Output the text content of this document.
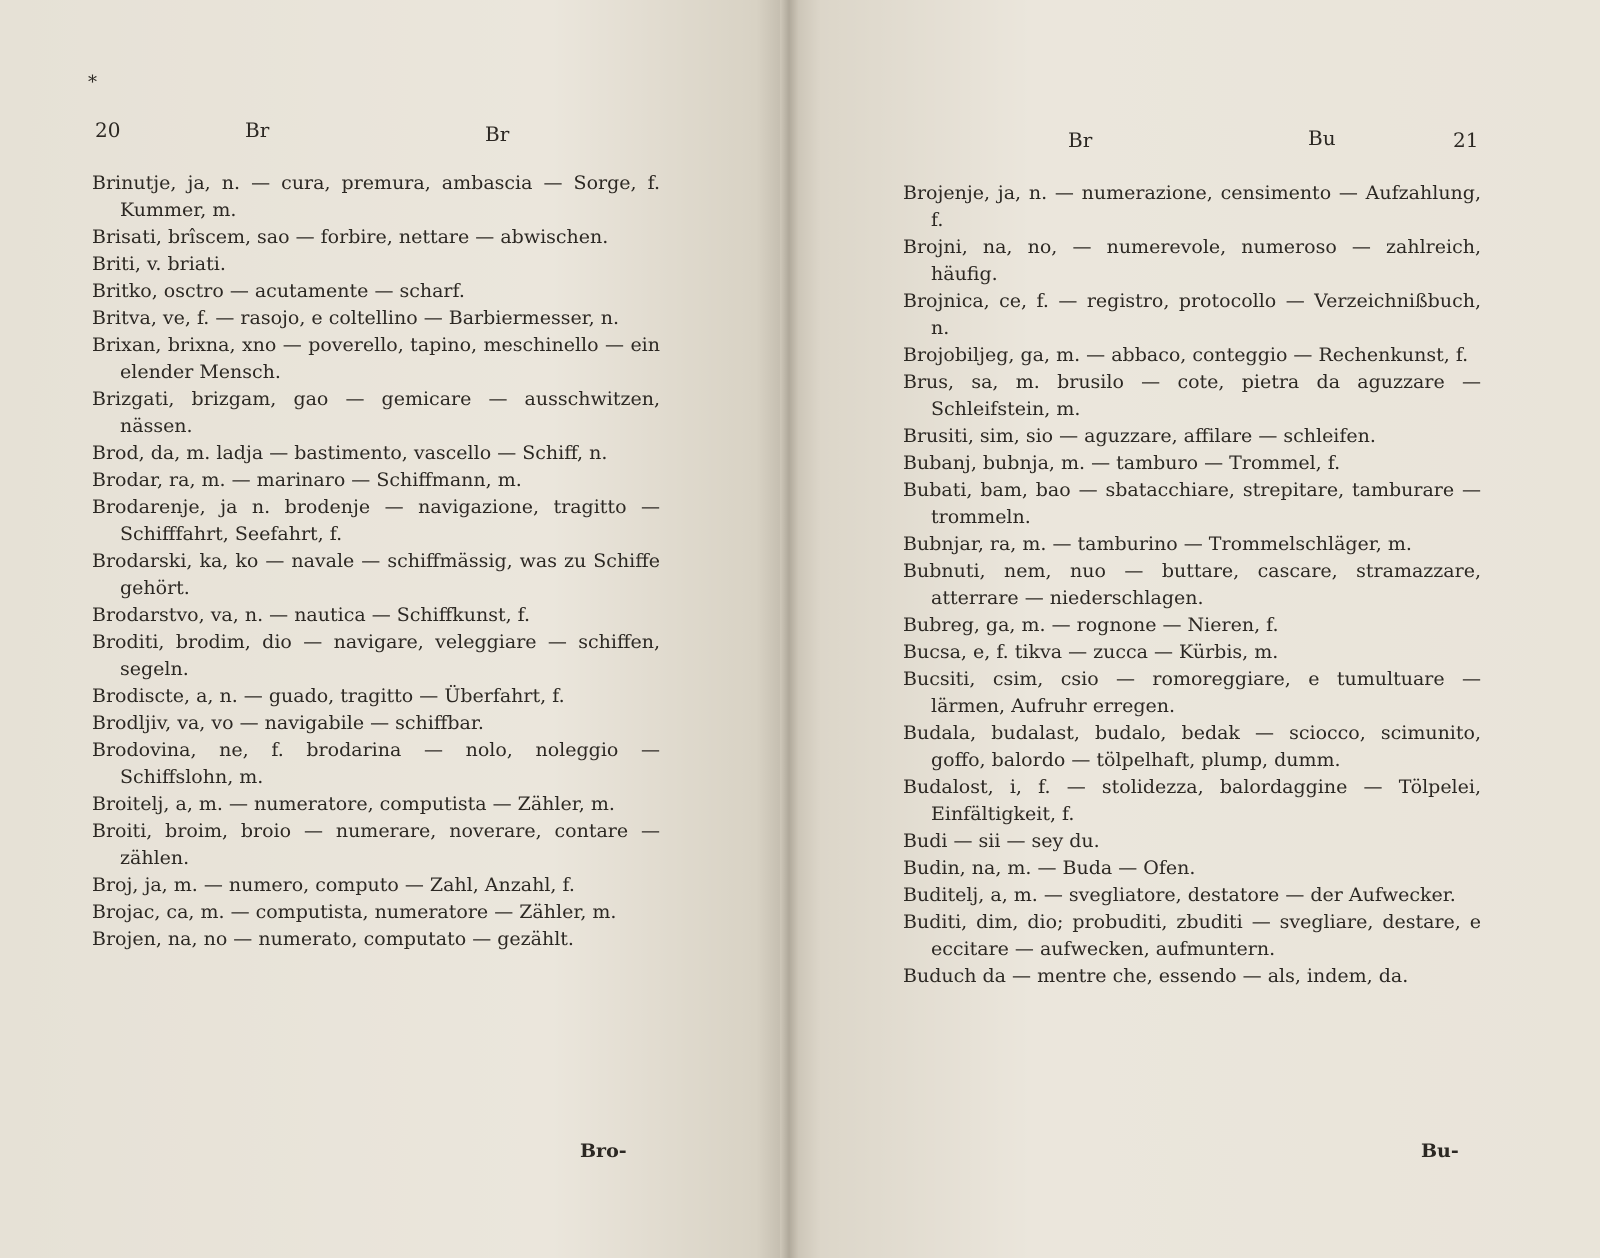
*
20	Br	Br
Brinutje, ja, n. — cura, premura, ambascia — Sorge, f. Kummer, m.
Brisati, brîscem, sao — forbire, nettare — abwischen.
Briti, v. briati.
Britko, osctro — acutamente — scharf.
Britva, ve, f. — rasojo, e coltellino — Barbiermesser, n.
Brixan, brixna, xno — poverello, tapino, meschinello — ein elender Mensch.
Brizgati, brizgam, gao — gemicare — ausschwitzen, nässen.
Brod, da, m. ladja — bastimento, vascello — Schiff, n.
Brodar, ra, m. — marinaro — Schiffmann, m.
Brodarenje, ja n. brodenje — navigazione, tragitto — Schifffahrt, Seefahrt, f.
Brodarski, ka, ko — navale — schiffmässig, was zu Schiffe gehört.
Brodarstvo, va, n. — nautica — Schiffkunst, f.
Broditi, brodim, dio — navigare, veleggiare — schiffen, segeln.
Brodiscte, a, n. — guado, tragitto — Überfahrt, f.
Brodljiv, va, vo — navigabile — schiffbar.
Brodovina, ne, f. brodarina — nolo, noleggio — Schiffslohn, m.
Broitelj, a, m. — numeratore, computista — Zähler, m.
Broiti, broim, broio — numerare, noverare, contare — zählen.
Broj, ja, m. — numero, computo — Zahl, Anzahl, f.
Brojac, ca, m. — computista, numeratore — Zähler, m.
Brojen, na, no — numerato, computato — gezählt.
Bro-
Br	Bu	21
Brojenje, ja, n. — numerazione, censimento — Aufzahlung, f.
Brojni, na, no, — numerevole, numeroso — zahlreich, häufig.
Brojnica, ce, f. — registro, protocollo — Verzeichnißbuch, n.
Brojobiljeg, ga, m. — abbaco, conteggio — Rechenkunst, f.
Brus, sa, m. brusilo — cote, pietra da aguzzare — Schleifstein, m.
Brusiti, sim, sio — aguzzare, affilare — schleifen.
Bubanj, bubnja, m. — tamburo — Trommel, f.
Bubati, bam, bao — sbatacchiare, strepitare, tamburare — trommeln.
Bubnjar, ra, m. — tamburino — Trommelschläger, m.
Bubnuti, nem, nuo — buttare, cascare, stramazzare, atterrare — niederschlagen.
Bubreg, ga, m. — rognone — Nieren, f.
Bucsa, e, f. tikva — zucca — Kürbis, m.
Bucsiti, csim, csio — romoreggiare, e tumultuare — lärmen, Aufruhr erregen.
Budala, budalast, budalo, bedak — sciocco, scimunito, goffo, balordo — tölpelhaft, plump, dumm.
Budalost, i, f. — stolidezza, balordaggine — Tölpelei, Einfältigkeit, f.
Budi — sii — sey du.
Budin, na, m. — Buda — Ofen.
Buditelj, a, m. — svegliatore, destatore — der Aufwecker.
Buditi, dim, dio; probuditi, zbuditi — svegliare, destare, e eccitare — aufwecken, aufmuntern.
Buduch da — mentre che, essendo — als, indem, da.
Bu-
